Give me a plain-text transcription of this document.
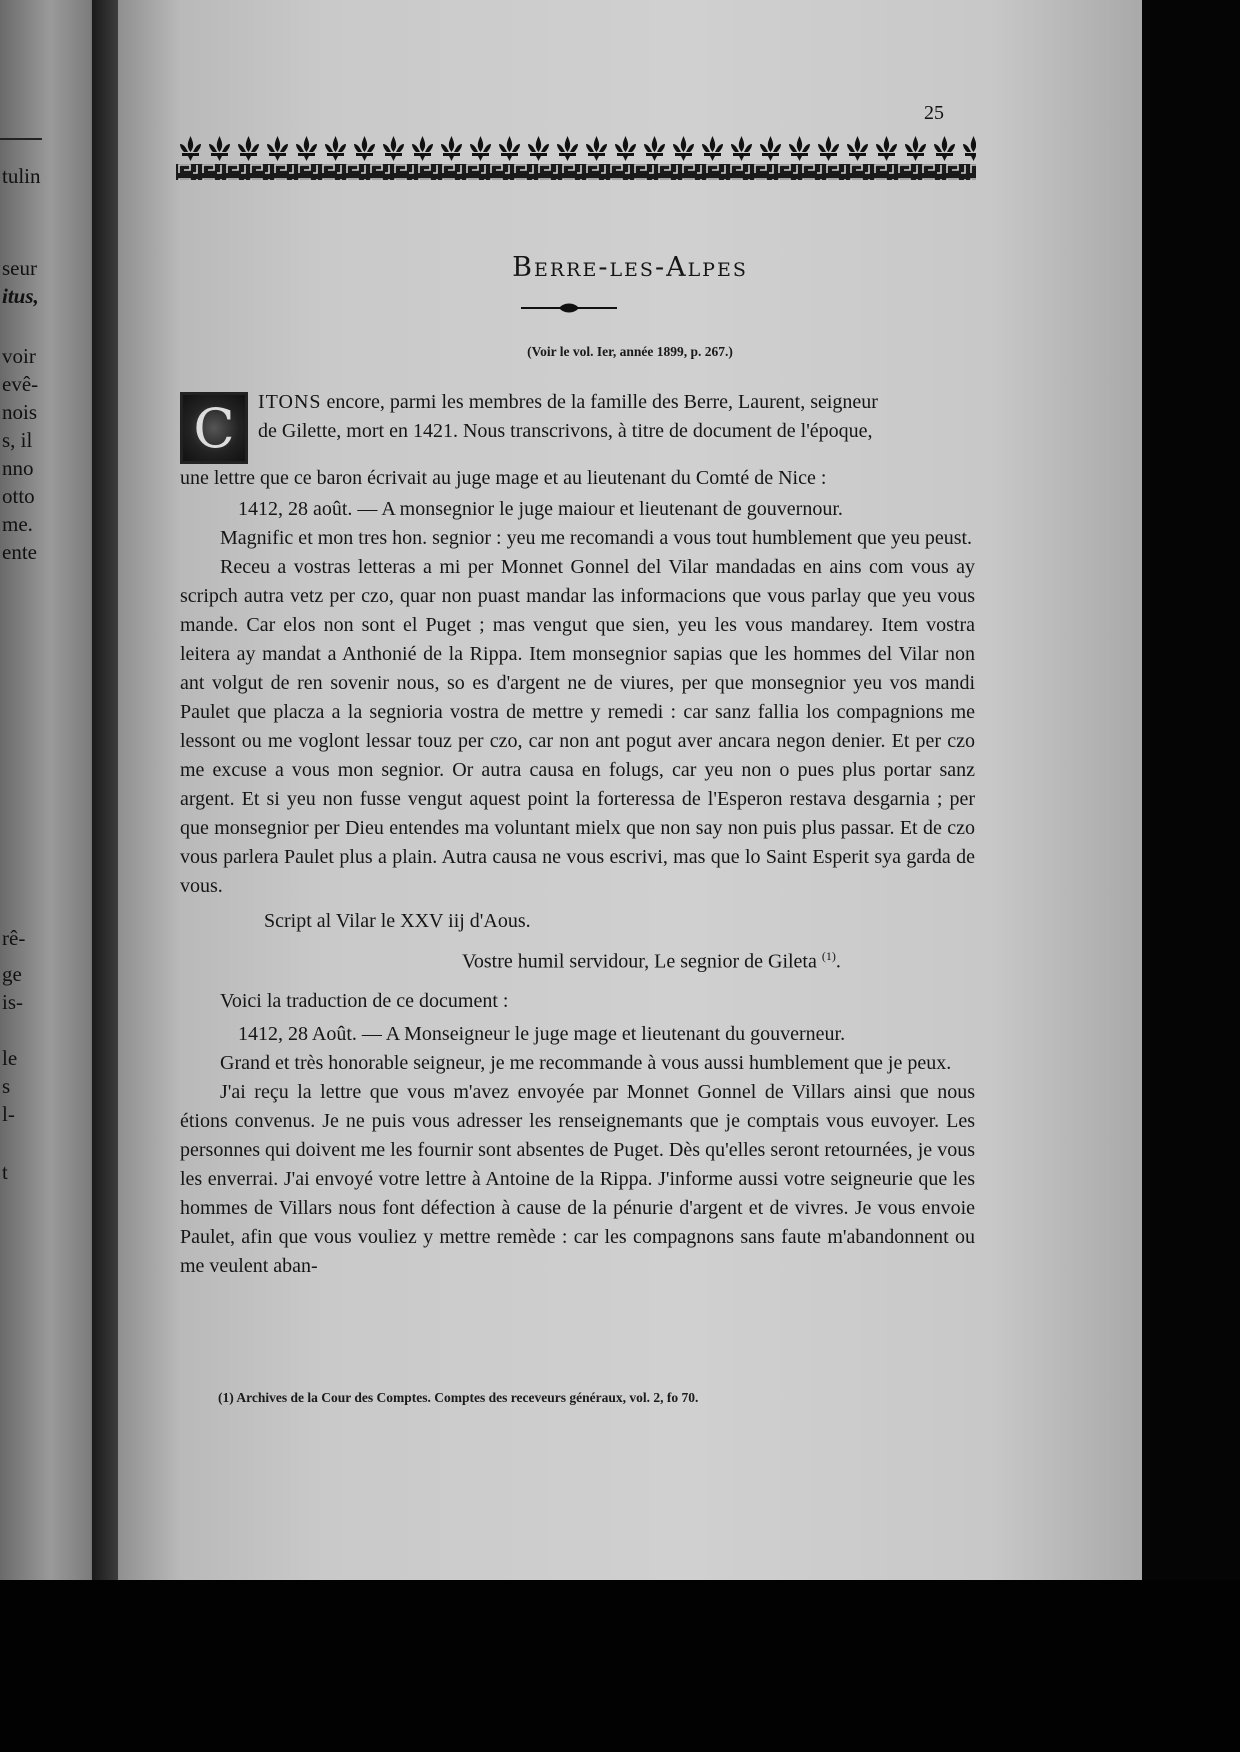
tulin
seur
itus,
voir
evê-
nois
s, il
nno
otto
me.
ente
rê-
ge
is-
le
s
l-
t
25
Berre-les-Alpes
(Voir le vol. Ier, année 1899, p. 267.)
C	ITONS encore, parmi les membres de la famille des Berre, Laurent, seigneur
de Gilette, mort en 1421. Nous transcrivons, à titre de document de l'époque,
une lettre que ce baron écrivait au juge mage et au lieutenant du Comté de Nice :

1412, 28 août. — A monsegnior le juge maiour et lieutenant de gouvernour.

Magnific et mon tres hon. segnior : yeu me recomandi a vous tout humblement que yeu peust.

Receu a vostras letteras a mi per Monnet Gonnel del Vilar mandadas en ains com vous ay scripch autra vetz per czo, quar non puast mandar las informacions que vous parlay que yeu vous mande. Car elos non sont el Puget ; mas vengut que sien, yeu les vous mandarey. Item vostra leitera ay mandat a Anthonié de la Rippa. Item monsegnior sapias que les hommes del Vilar non ant volgut de ren sovenir nous, so es d'argent ne de viures, per que monsegnior yeu vos mandi Paulet que placza a la segnioria vostra de mettre y remedi : car sanz fallia los compagnions me lessont ou me voglont lessar touz per czo, car non ant pogut aver ancara negon denier. Et per czo me excuse a vous mon segnior. Or autra causa en folugs, car yeu non o pues plus portar sanz argent. Et si yeu non fusse vengut aquest point la forteressa de l'Esperon restava desgarnia ; per que monsegnior per Dieu entendes ma voluntant mielx que non say non puis plus passar. Et de czo vous parlera Paulet plus a plain. Autra causa ne vous escrivi, mas que lo Saint Esperit sya garda de vous.

Script al Vilar le XXV iij d'Aous.

Vostre humil servidour, Le segnior de Gileta $^{(1)}$.

Voici la traduction de ce document :

1412, 28 Août. — A Monseigneur le juge mage et lieutenant du gouverneur.

Grand et très honorable seigneur, je me recommande à vous aussi humblement que je peux.

J'ai reçu la lettre que vous m'avez envoyée par Monnet Gonnel de Villars ainsi que nous étions convenus. Je ne puis vous adresser les renseignemants que je comptais vous euvoyer. Les personnes qui doivent me les fournir sont absentes de Puget. Dès qu'elles seront retournées, je vous les enverrai. J'ai envoyé votre lettre à Antoine de la Rippa. J'informe aussi votre seigneurie que les hommes de Villars nous font défection à cause de la pénurie d'argent et de vivres. Je vous envoie Paulet, afin que vous vouliez y mettre remède : car les compagnons sans faute m'abandonnent ou me veulent aban-

(1) Archives de la Cour des Comptes. Comptes des receveurs généraux, vol. 2, fo 70.
